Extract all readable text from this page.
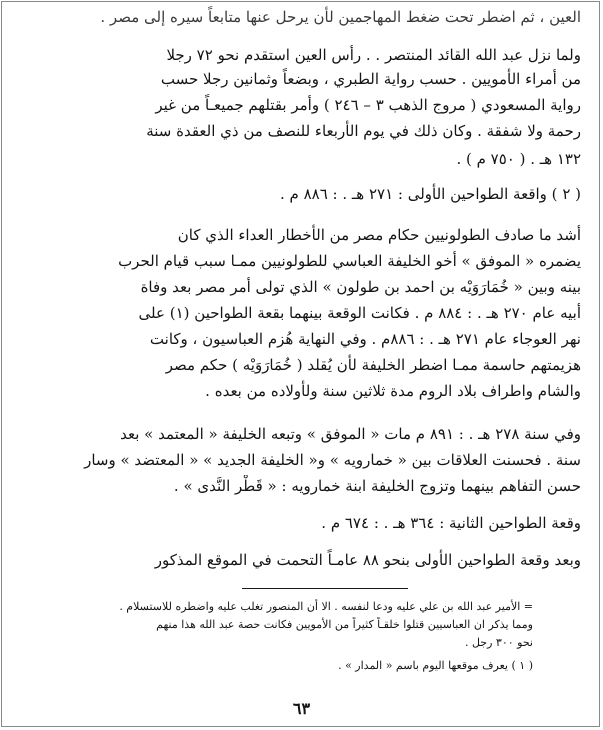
العين ، ثم اضطر تحت ضغط المهاجمين لأن يرحل عنها متابعاً سيره إلى مصر .
ولما نزل عبد الله القائد المنتصر . . رأس العين استقدم نحو ٧٢ رجلا
من أمراء الأمويين . حسب رواية الطبري ، وبضعاً وثمانين رجلا حسب
رواية المسعودي ( مروج الذهب ٣ – ٢٤٦ ) وأمر بقتلهم جميعـاً من غير
رحمة ولا شفقة . وكان ذلك في يوم الأربعاء للنصف من ذي العقدة سنة
١٣٢ هـ . ( ٧٥٠ م ) .
( ٢ ) واقعة الطواحين الأولى : ٢٧١ هـ . : ٨٨٦ م .
أشد ما صادف الطولونيين حكام مصر من الأخطار العداء الذي كان
يضمره « الموفق » أخو الخليفة العباسي للطولونيين ممـا سبب قيام الحرب
بينه وبين « خُمَارَوَيْه بن احمد بن طولون » الذي تولى أمر مصر بعد وفاة
أبيه عام ٢٧٠ هـ . : ٨٨٤ م . فكانت الوقعة بينهما بقعة الطواحين (١) على
نهر العوجاء عام ٢٧١ هـ . : ٨٨٦م . وفي النهاية هُزم العباسيون ، وكانت
هزيمتهم حاسمة ممـا اضطر الخليفة لأن يُقلد ( خُمَارَوَيْه ) حكم مصر
والشام واطراف بلاد الروم مدة ثلاثين سنة ولأولاده من بعده .
وفي سنة ٢٧٨ هـ . : ٨٩١ م مات « الموفق » وتبعه الخليفة « المعتمد » بعد
سنة . فحسنت العلاقات بين « خمارويه » و« الخليفة الجديد » « المعتضد » وسار
حسن التفاهم بينهما وتزوج الخليفة ابنة خمارويه : « قَطْر النَّدى » .
وقعة الطواحين الثانية : ٣٦٤ هـ . : ٦٧٤ م .
وبعد وقعة الطواحين الأولى بنحو ٨٨ عامـاً التحمت في الموقع المذكور
= الأمير عبد الله بن علي عليه ودعا لنفسه . الا أن المنصور تغلب عليه واضطره للاستسلام .
ومما يذكر ان العباسيين قتلوا خلقـاً كثيراً من الأمويين فكانت حصة عبد الله هذا منهم
نحو ٣٠٠ رجل .
( ١ ) يعرف موقعها اليوم باسم « المدار » .
٦٣
